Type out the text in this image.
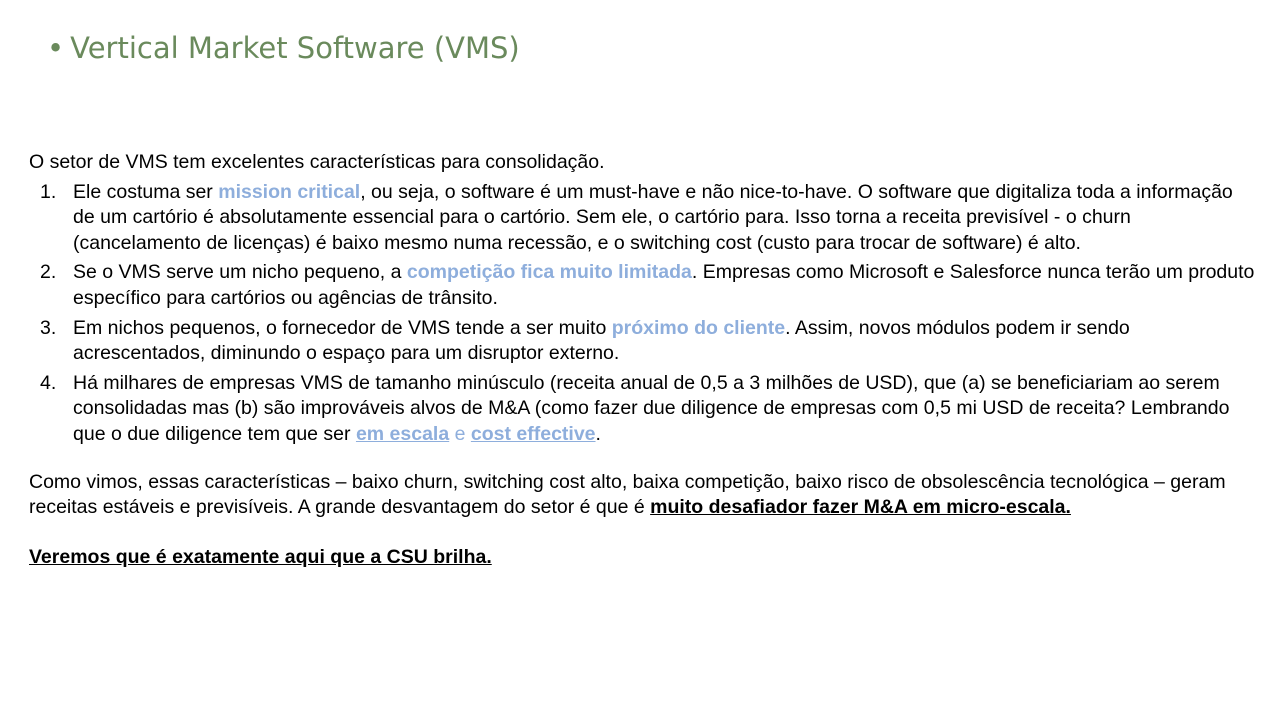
• Vertical Market Software (VMS)

O setor de VMS tem excelentes características para consolidação.

1. Ele costuma ser mission critical, ou seja, o software é um must-have e não nice-to-have. O software que digitaliza toda a informação de um cartório é absolutamente essencial para o cartório. Sem ele, o cartório para. Isso torna a receita previsível - o churn (cancelamento de licenças) é baixo mesmo numa recessão, e o switching cost (custo para trocar de software) é alto.
2. Se o VMS serve um nicho pequeno, a competição fica muito limitada. Empresas como Microsoft e Salesforce nunca terão um produto específico para cartórios ou agências de trânsito.
3. Em nichos pequenos, o fornecedor de VMS tende a ser muito próximo do cliente. Assim, novos módulos podem ir sendo acrescentados, diminundo o espaço para um disruptor externo.
4. Há milhares de empresas VMS de tamanho minúsculo (receita anual de 0,5 a 3 milhões de USD), que (a) se beneficiariam ao serem consolidadas mas (b) são improváveis alvos de M&A (como fazer due diligence de empresas com 0,5 mi USD de receita? Lembrando que o due diligence tem que ser em escala e cost effective.

Como vimos, essas características – baixo churn, switching cost alto, baixa competição, baixo risco de obsolescência tecnológica – geram receitas estáveis e previsíveis. A grande desvantagem do setor é que é muito desafiador fazer M&A em micro-escala.

Veremos que é exatamente aqui que a CSU brilha.
